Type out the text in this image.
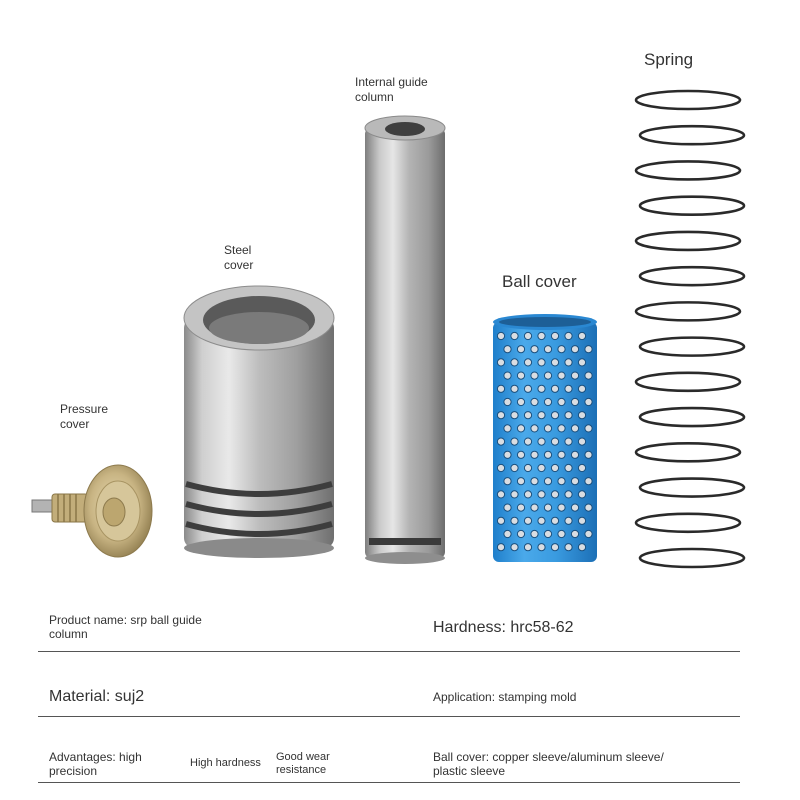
Spring
Internal guide
column
Steel
cover
Ball cover
Pressure
cover
Product name: srp ball guide
column	Hardness: hrc58-62
Material: suj2	Application: stamping mold
Advantages: high
precision
High hardness Good wear
resistance
Ball cover: copper sleeve/aluminum sleeve/
plastic sleeve
